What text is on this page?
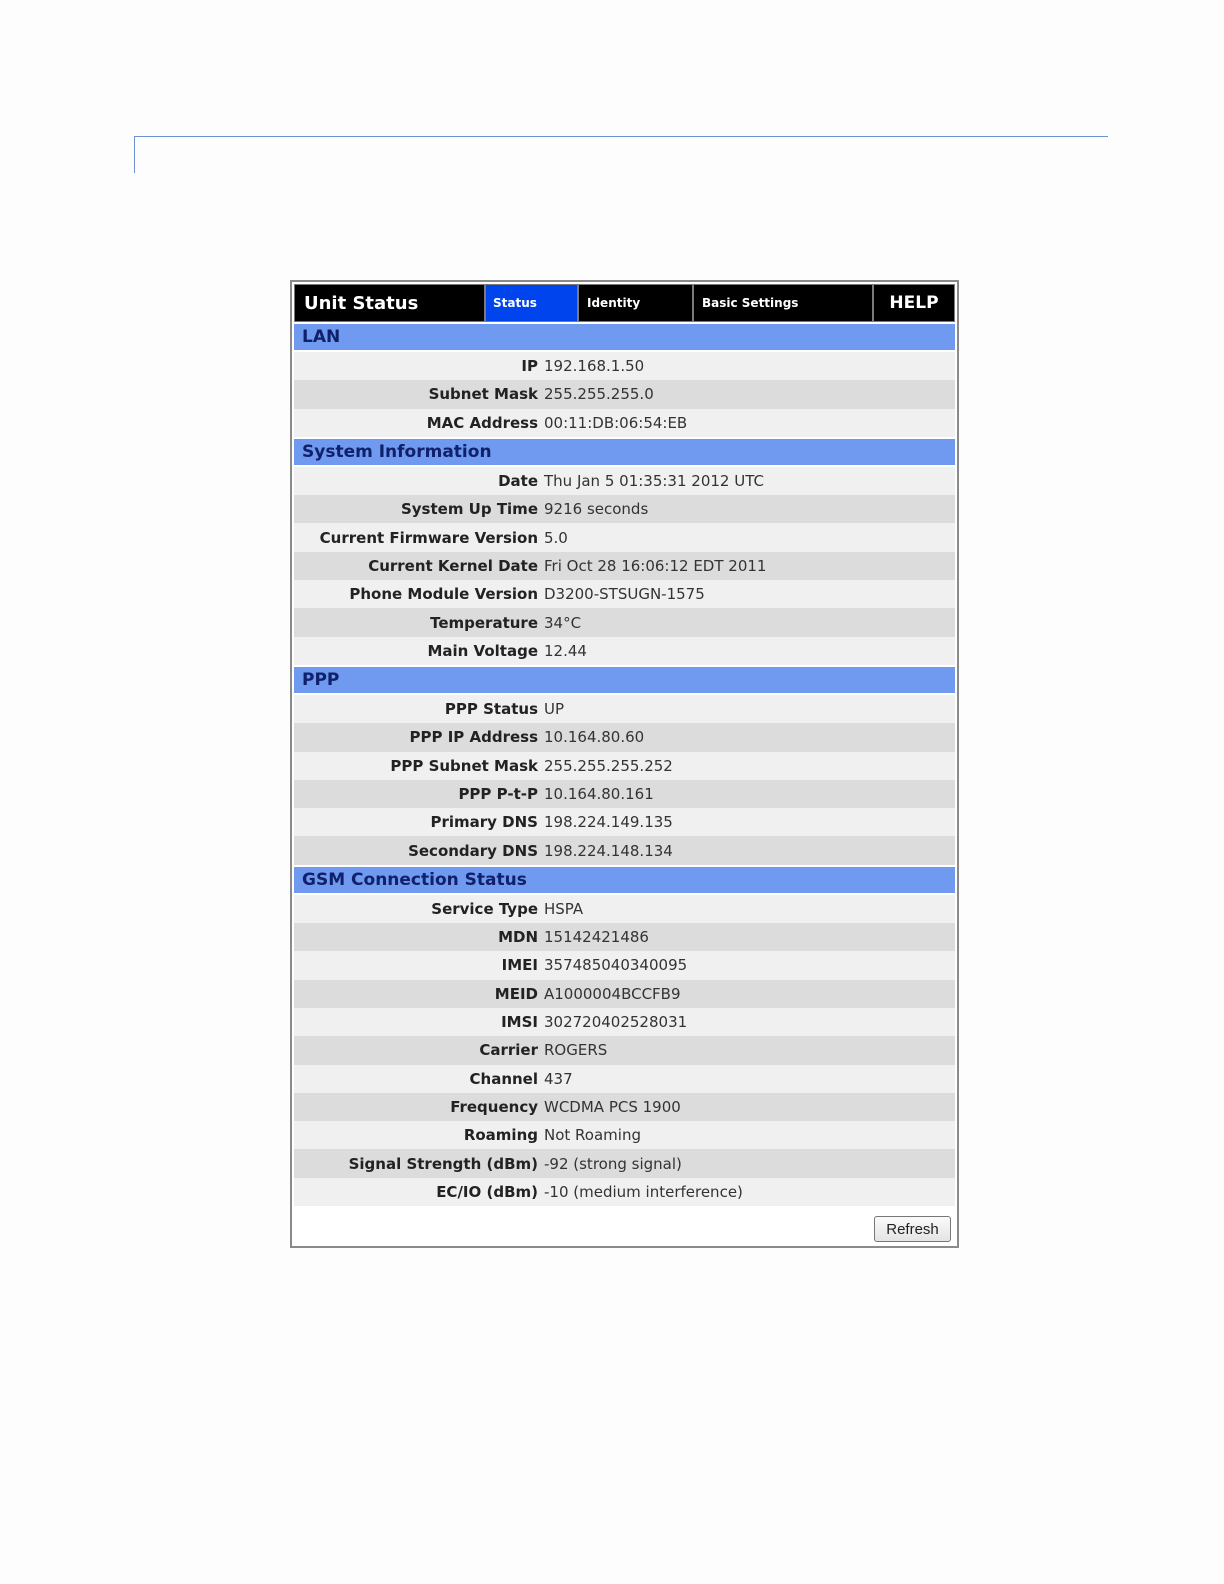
Unit Status	Status	Identity	Basic Settings	HELP
LAN
IP 192.168.1.50
Subnet Mask 255.255.255.0
MAC Address 00:11:DB:06:54:EB
System Information
Date Thu Jan 5 01:35:31 2012 UTC
System Up Time 9216 seconds
Current Firmware Version 5.0
Current Kernel Date Fri Oct 28 16:06:12 EDT 2011
Phone Module Version D3200-STSUGN-1575
Temperature 34°C
Main Voltage 12.44
PPP
PPP Status UP
PPP IP Address 10.164.80.60
PPP Subnet Mask 255.255.255.252
PPP P-t-P 10.164.80.161
Primary DNS 198.224.149.135
Secondary DNS 198.224.148.134
GSM Connection Status
Service Type HSPA
MDN 15142421486
IMEI 357485040340095
MEID A1000004BCCFB9
IMSI 302720402528031
Carrier ROGERS
Channel 437
Frequency WCDMA PCS 1900
Roaming Not Roaming
Signal Strength (dBm) -92 (strong signal)
EC/IO (dBm) -10 (medium interference)
Refresh
